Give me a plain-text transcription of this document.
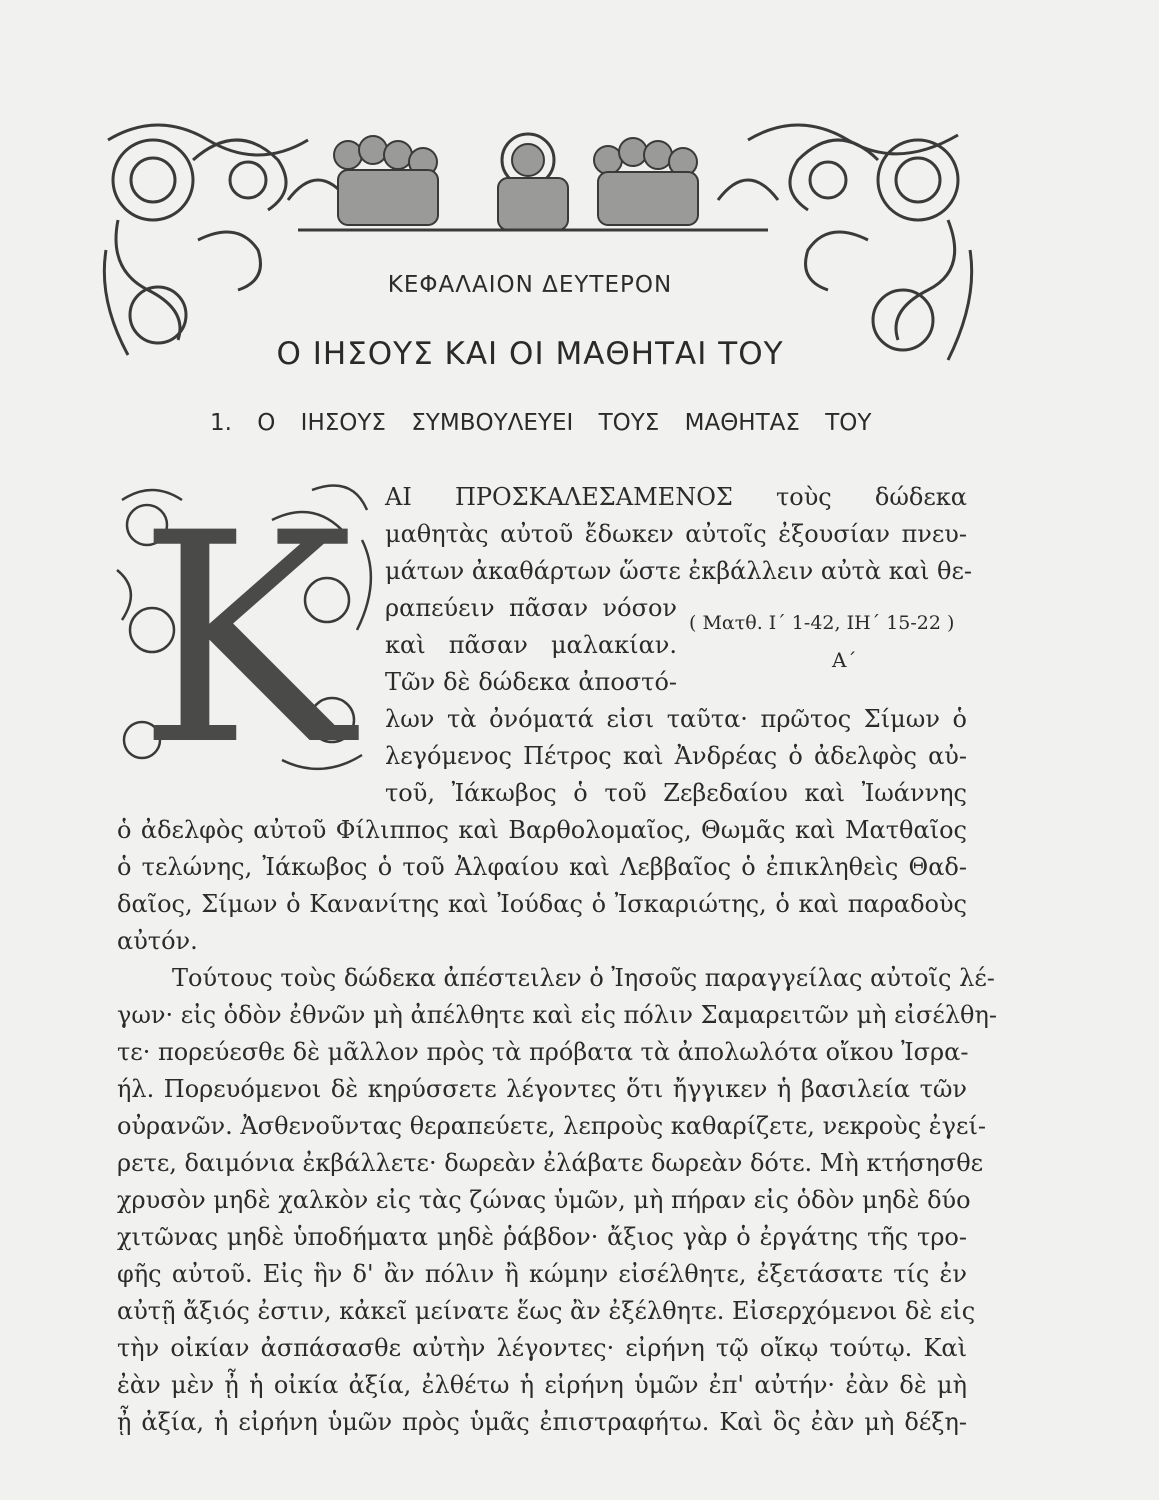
ΚΕΦΑΛΑΙΟΝ ΔΕΥΤΕΡΟΝ
Ο ΙΗΣΟΥΣ ΚΑΙ ΟΙ ΜΑΘΗΤΑΙ ΤΟΥ
1. Ο ΙΗΣΟΥΣ ΣΥΜΒΟΥΛΕΥΕΙ ΤΟΥΣ ΜΑΘΗΤΑΣ ΤΟΥ
Κ	( Ματθ. Ι΄ 1-42, ΙΗ΄ 15-22 )
Α΄
ΑΙ ΠΡΟΣΚΑΛΕΣΑΜΕΝΟΣ τοὺς δώδεκα
μαθητὰς αὐτοῦ ἔδωκεν αὐτοῖς ἐξουσίαν πνευ-
μάτων ἀκαθάρτων ὥστε ἐκβάλλειν αὐτὰ καὶ θε-
ραπεύειν πᾶσαν νόσον
καὶ πᾶσαν μαλακίαν.
Τῶν δὲ δώδεκα ἀποστό-
λων τὰ ὀνόματά εἰσι ταῦτα· πρῶτος Σίμων ὁ
λεγόμενος Πέτρος καὶ Ἀνδρέας ὁ ἀδελφὸς αὐ-
τοῦ, Ἰάκωβος ὁ τοῦ Ζεβεδαίου καὶ Ἰωάννης
ὁ ἀδελφὸς αὐτοῦ Φίλιππος καὶ Βαρθολομαῖος, Θωμᾶς καὶ Ματθαῖος
ὁ τελώνης, Ἰάκωβος ὁ τοῦ Ἀλφαίου καὶ Λεββαῖος ὁ ἐπικληθεὶς Θαδ-
δαῖος, Σίμων ὁ Κανανίτης καὶ Ἰούδας ὁ Ἰσκαριώτης, ὁ καὶ παραδοὺς
αὐτόν.
Τούτους τοὺς δώδεκα ἀπέστειλεν ὁ Ἰησοῦς παραγγείλας αὐτοῖς λέ-
γων· εἰς ὁδὸν ἐθνῶν μὴ ἀπέλθητε καὶ εἰς πόλιν Σαμαρειτῶν μὴ εἰσέλθη-
τε· πορεύεσθε δὲ μᾶλλον πρὸς τὰ πρόβατα τὰ ἀπολωλότα οἴκου Ἰσρα-
ήλ. Πορευόμενοι δὲ κηρύσσετε λέγοντες ὅτι ἤγγικεν ἡ βασιλεία τῶν
οὐρανῶν. Ἀσθενοῦντας θεραπεύετε, λεπροὺς καθαρίζετε, νεκροὺς ἐγεί-
ρετε, δαιμόνια ἐκβάλλετε· δωρεὰν ἐλάβατε δωρεὰν δότε. Μὴ κτήσησθε
χρυσὸν μηδὲ χαλκὸν εἰς τὰς ζώνας ὑμῶν, μὴ πήραν εἰς ὁδὸν μηδὲ δύο
χιτῶνας μηδὲ ὑποδήματα μηδὲ ῥάβδον· ἄξιος γὰρ ὁ ἐργάτης τῆς τρο-
φῆς αὐτοῦ. Εἰς ἣν δ' ἂν πόλιν ἢ κώμην εἰσέλθητε, ἐξετάσατε τίς ἐν
αὐτῇ ἄξιός ἐστιν, κἀκεῖ μείνατε ἕως ἂν ἐξέλθητε. Εἰσερχόμενοι δὲ εἰς
τὴν οἰκίαν ἀσπάσασθε αὐτὴν λέγοντες· εἰρήνη τῷ οἴκῳ τούτῳ. Καὶ
ἐὰν μὲν ᾖ ἡ οἰκία ἀξία, ἐλθέτω ἡ εἰρήνη ὑμῶν ἐπ' αὐτήν· ἐὰν δὲ μὴ
ᾖ ἀξία, ἡ εἰρήνη ὑμῶν πρὸς ὑμᾶς ἐπιστραφήτω. Καὶ ὃς ἐὰν μὴ δέξη-
